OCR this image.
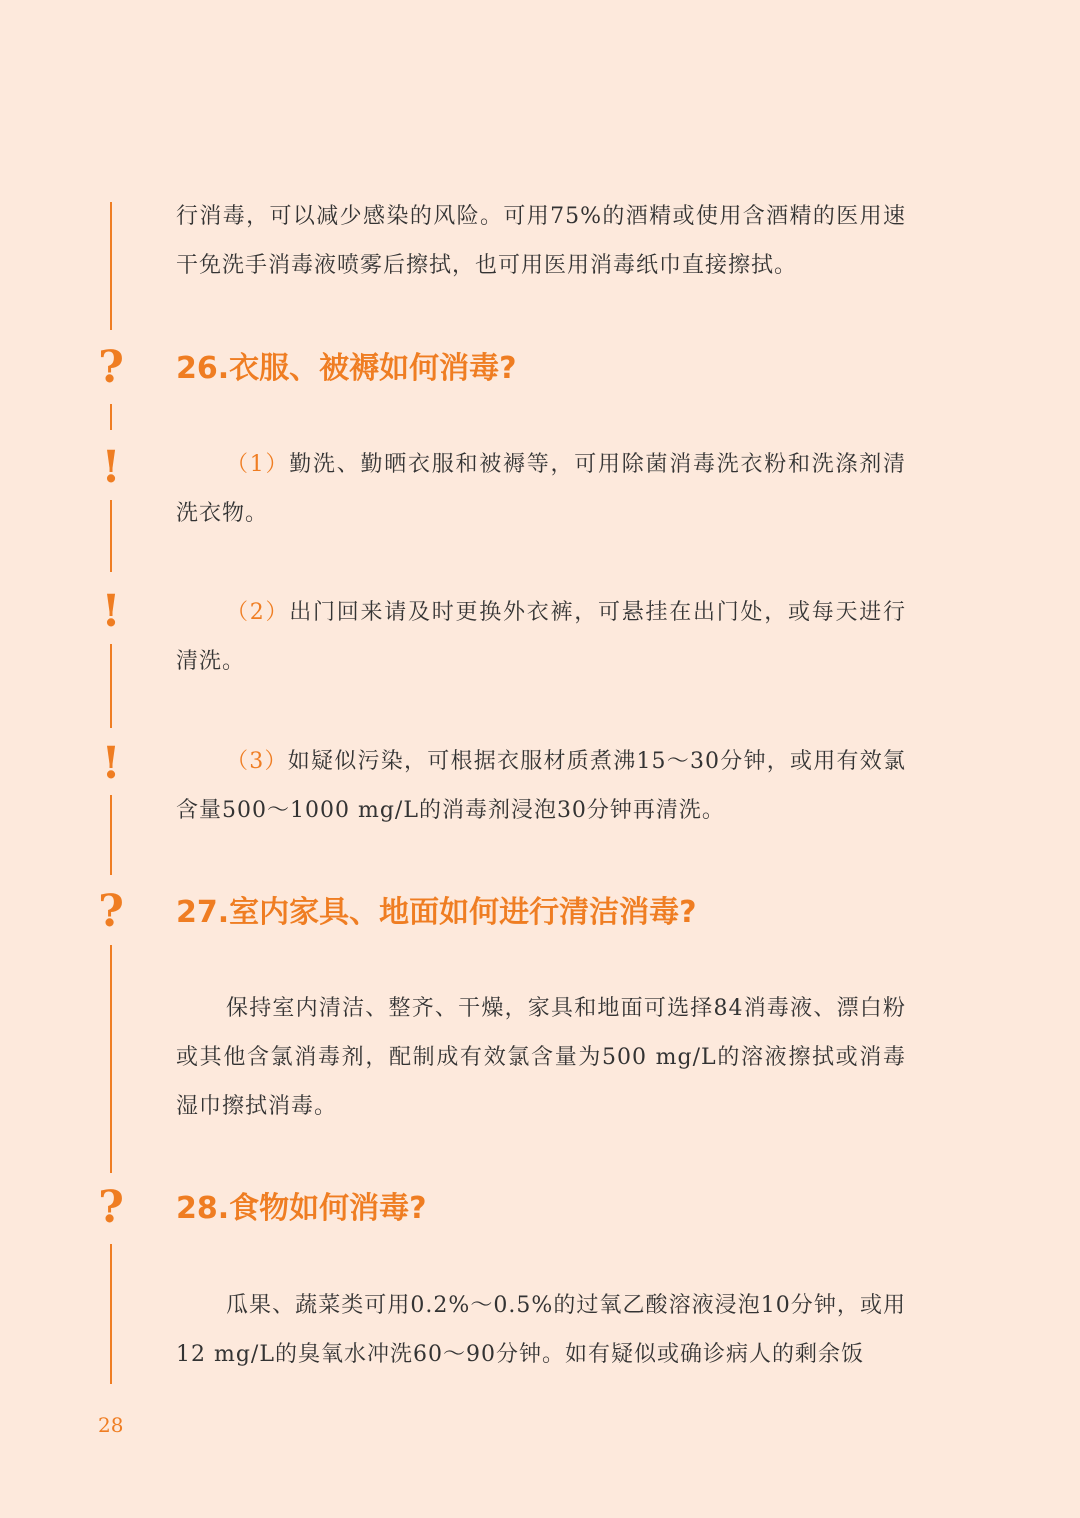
?
!
!
!
?
?

行消毒，可以减少感染的风险。可用75%的酒精或使用含酒精的医用速干免洗手消毒液喷雾后擦拭，也可用医用消毒纸巾直接擦拭。

26.衣服、被褥如何消毒?

（1）勤洗、勤晒衣服和被褥等，可用除菌消毒洗衣粉和洗涤剂清洗衣物。

（2）出门回来请及时更换外衣裤，可悬挂在出门处，或每天进行清洗。

（3）如疑似污染，可根据衣服材质煮沸15～30分钟，或用有效氯含量500～1000 mg/L的消毒剂浸泡30分钟再清洗。

27.室内家具、地面如何进行清洁消毒?

保持室内清洁、整齐、干燥，家具和地面可选择84消毒液、漂白粉或其他含氯消毒剂，配制成有效氯含量为500 mg/L的溶液擦拭或消毒湿巾擦拭消毒。

28.食物如何消毒?

瓜果、蔬菜类可用0.2%～0.5%的过氧乙酸溶液浸泡10分钟，或用12 mg/L的臭氧水冲洗60～90分钟。如有疑似或确诊病人的剩余饭

28
